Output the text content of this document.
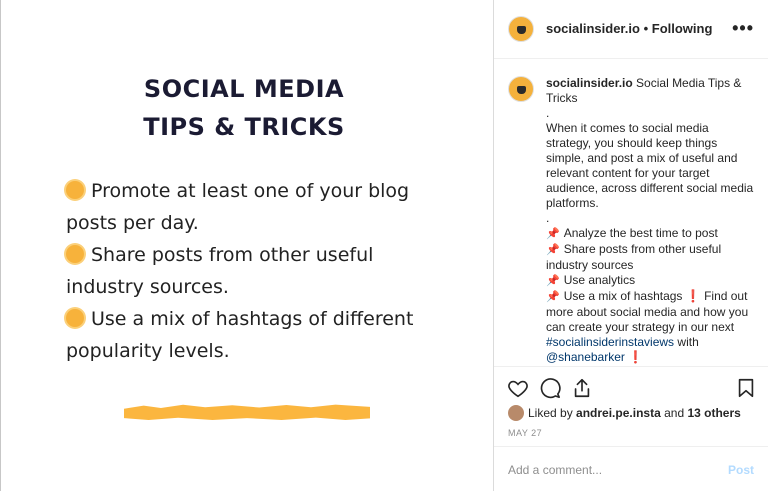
SOCIAL MEDIA
TIPS & TRICKS
Promote at least one of your blog
posts per day.
Share posts from other useful
industry sources.
Use a mix of hashtags of different
popularity levels.
socialinsider.io • Following •••

socialinsider.io Social Media Tips & Tricks

.

When it comes to social media strategy, you should keep things simple, and post a mix of useful and relevant content for your target audience, across different social media platforms.

.

📌 Analyze the best time to post

📌 Share posts from other useful industry sources

📌 Use analytics

📌 Use a mix of hashtags ❗ Find out more about social media and how you can create your strategy in our next #socialinsiderinstaviews with @shanebarker ❗

Liked by andrei.pe.insta and 13 others
MAY 27
Add a comment...	Post
